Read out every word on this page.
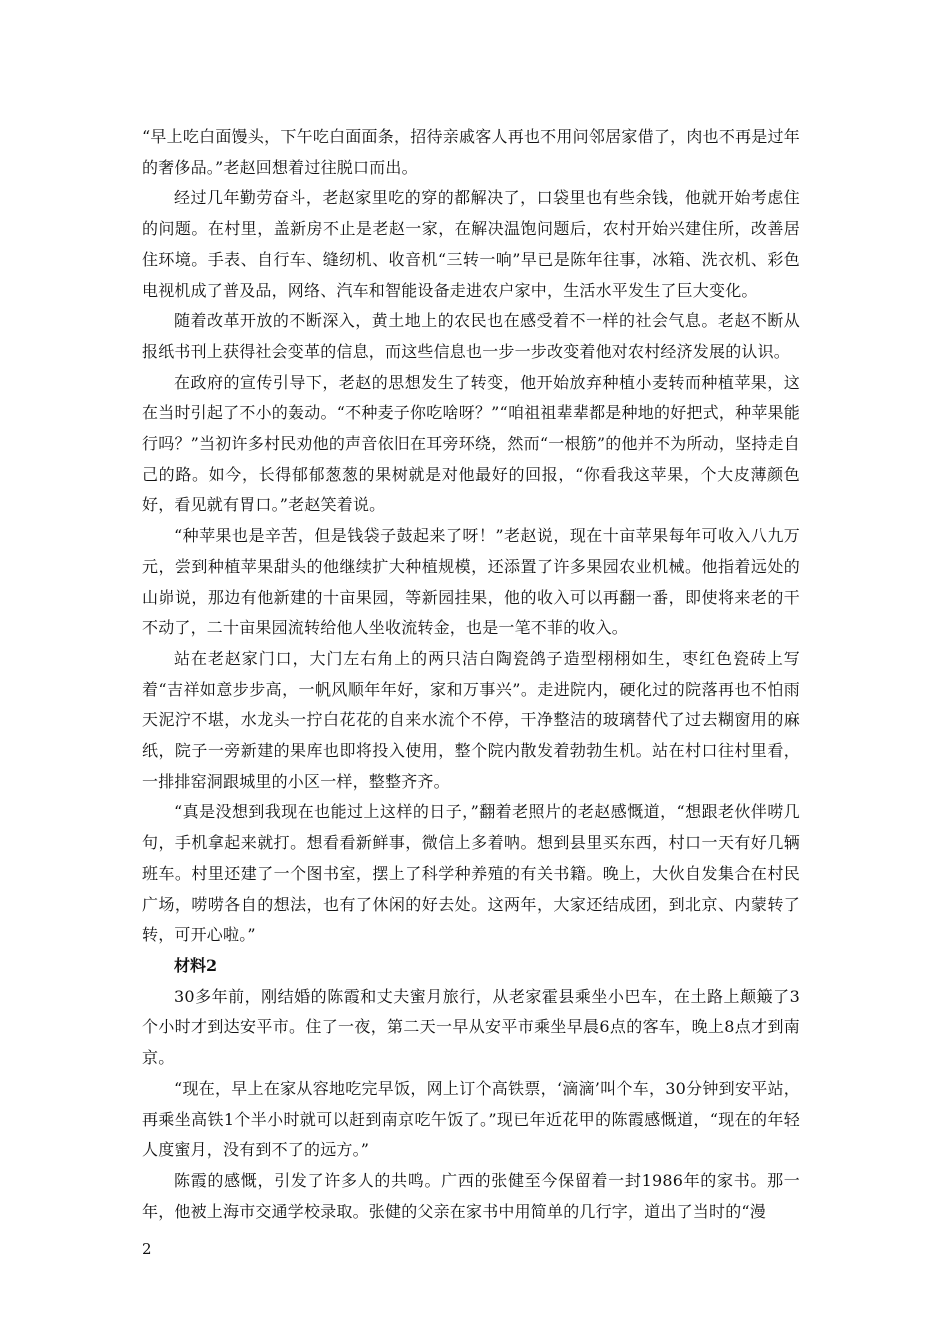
“早上吃白面馒头，下午吃白面面条，招待亲戚客人再也不用问邻居家借了，肉也不再是过年的奢侈品。”老赵回想着过往脱口而出。

经过几年勤劳奋斗，老赵家里吃的穿的都解决了，口袋里也有些余钱，他就开始考虑住的问题。在村里，盖新房不止是老赵一家，在解决温饱问题后，农村开始兴建住所，改善居住环境。手表、自行车、缝纫机、收音机“三转一响”早已是陈年往事，冰箱、洗衣机、彩色电视机成了普及品，网络、汽车和智能设备走进农户家中，生活水平发生了巨大变化。

随着改革开放的不断深入，黄土地上的农民也在感受着不一样的社会气息。老赵不断从报纸书刊上获得社会变革的信息，而这些信息也一步一步改变着他对农村经济发展的认识。

在政府的宣传引导下，老赵的思想发生了转变，他开始放弃种植小麦转而种植苹果，这在当时引起了不小的轰动。“不种麦子你吃啥呀？”“咱祖祖辈辈都是种地的好把式，种苹果能行吗？”当初许多村民劝他的声音依旧在耳旁环绕，然而“一根筋”的他并不为所动，坚持走自己的路。如今，长得郁郁葱葱的果树就是对他最好的回报，“你看我这苹果，个大皮薄颜色好，看见就有胃口。”老赵笑着说。

“种苹果也是辛苦，但是钱袋子鼓起来了呀！”老赵说，现在十亩苹果每年可收入八九万元，尝到种植苹果甜头的他继续扩大种植规模，还添置了许多果园农业机械。他指着远处的山峁说，那边有他新建的十亩果园，等新园挂果，他的收入可以再翻一番，即使将来老的干不动了，二十亩果园流转给他人坐收流转金，也是一笔不菲的收入。

站在老赵家门口，大门左右角上的两只洁白陶瓷鸽子造型栩栩如生，枣红色瓷砖上写着“吉祥如意步步高，一帆风顺年年好，家和万事兴”。走进院内，硬化过的院落再也不怕雨天泥泞不堪，水龙头一拧白花花的自来水流个不停，干净整洁的玻璃替代了过去糊窗用的麻纸，院子一旁新建的果库也即将投入使用，整个院内散发着勃勃生机。站在村口往村里看，一排排窑洞跟城里的小区一样，整整齐齐。

“真是没想到我现在也能过上这样的日子，”翻着老照片的老赵感慨道，“想跟老伙伴唠几句，手机拿起来就打。想看看新鲜事，微信上多着呐。想到县里买东西，村口一天有好几辆班车。村里还建了一个图书室，摆上了科学种养殖的有关书籍。晚上，大伙自发集合在村民广场，唠唠各自的想法，也有了休闲的好去处。这两年，大家还结成团，到北京、内蒙转了转，可开心啦。”

材料2

30多年前，刚结婚的陈霞和丈夫蜜月旅行，从老家霍县乘坐小巴车，在土路上颠簸了3个小时才到达安平市。住了一夜，第二天一早从安平市乘坐早晨6点的客车，晚上8点才到南京。

“现在，早上在家从容地吃完早饭，网上订个高铁票，‘滴滴’叫个车，30分钟到安平站，再乘坐高铁1个半小时就可以赶到南京吃午饭了。”现已年近花甲的陈霞感慨道，“现在的年轻人度蜜月，没有到不了的远方。”

陈霞的感慨，引发了许多人的共鸣。广西的张健至今保留着一封1986年的家书。那一年，他被上海市交通学校录取。张健的父亲在家书中用简单的几行字，道出了当时的“漫

2
